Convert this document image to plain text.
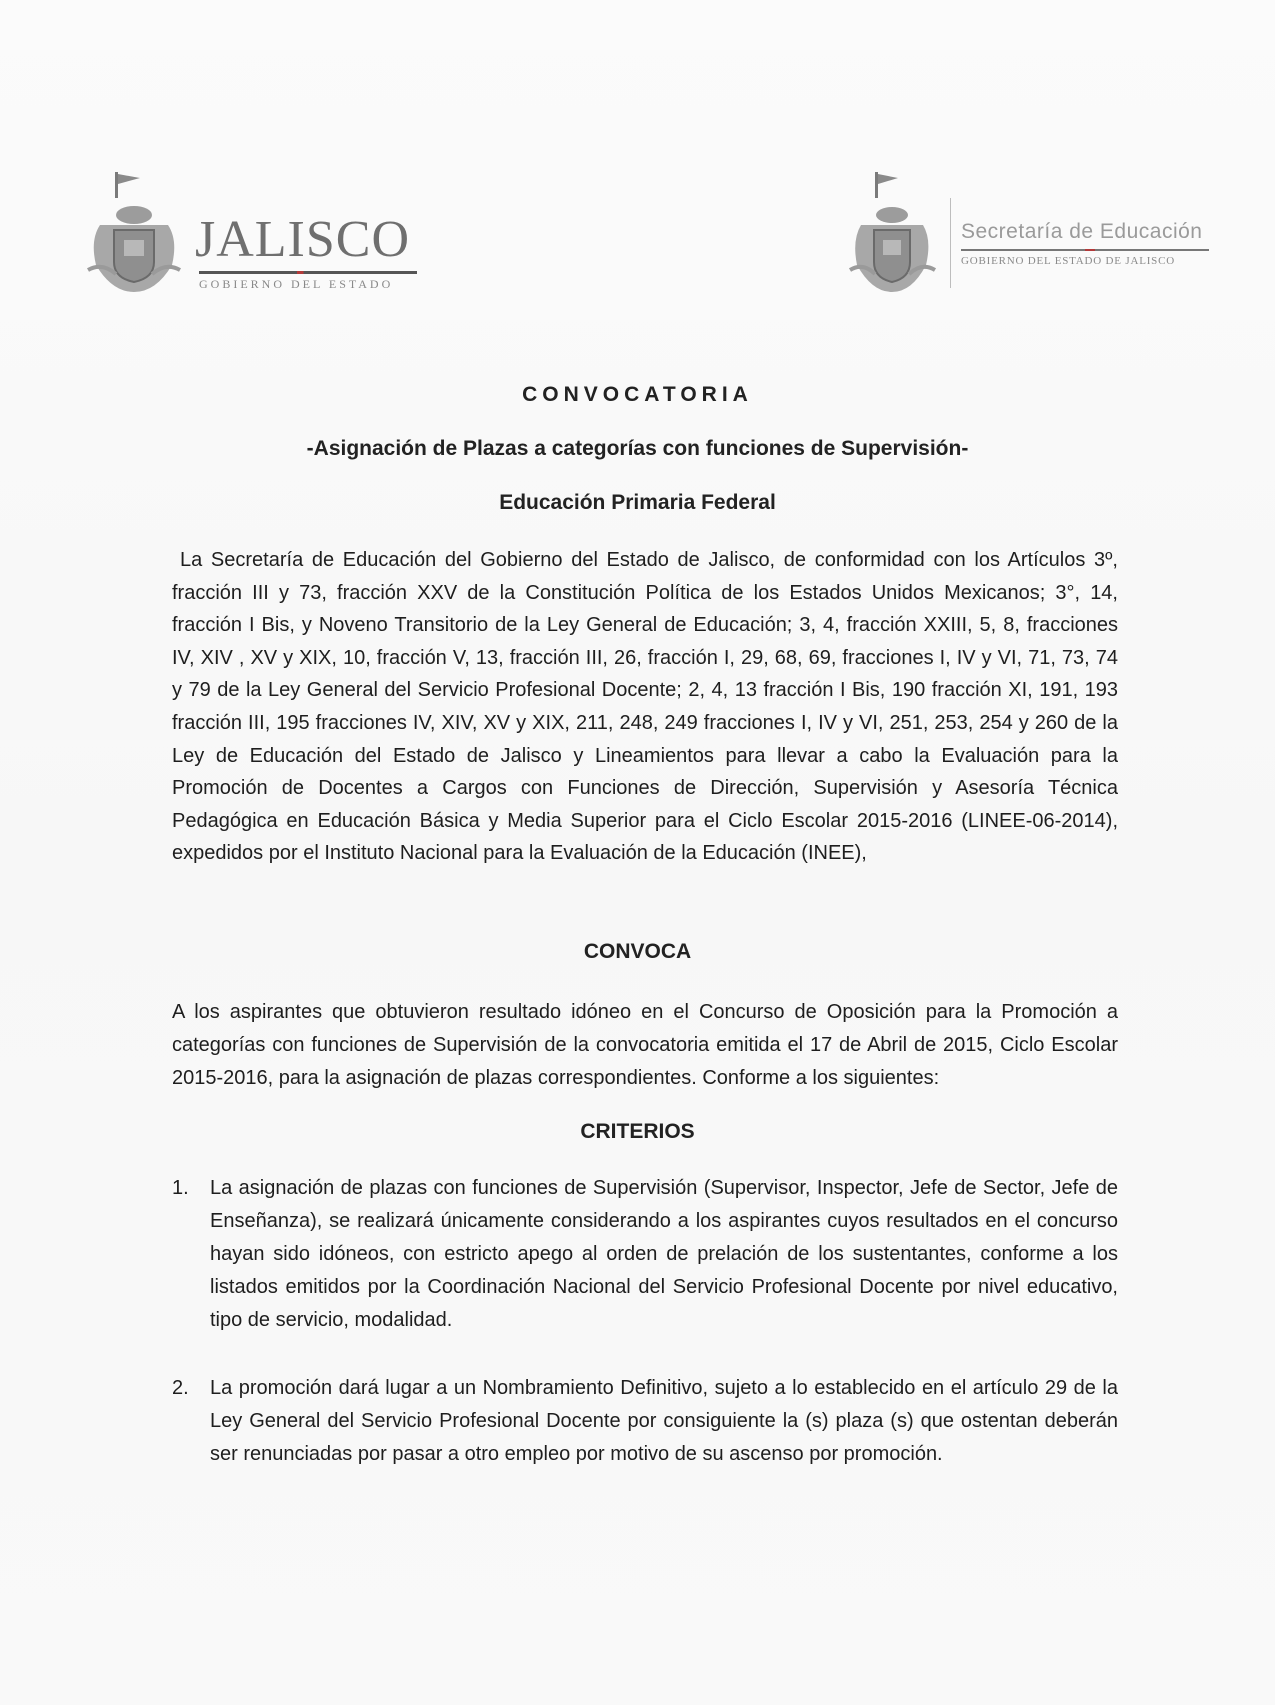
JALISCO
GOBIERNO DEL ESTADO
Secretaría de Educación
GOBIERNO DEL ESTADO DE JALISCO
CONVOCATORIA
-Asignación de Plazas a categorías con funciones de Supervisión-
Educación Primaria Federal

La Secretaría de Educación del Gobierno del Estado de Jalisco, de conformidad con los Artículos 3º, fracción III y 73, fracción XXV de la Constitución Política de los Estados Unidos Mexicanos; 3°, 14, fracción I Bis, y Noveno Transitorio de la Ley General de Educación; 3, 4, fracción XXIII, 5, 8, fracciones IV, XIV , XV y XIX, 10, fracción V, 13, fracción III, 26, fracción I, 29, 68, 69, fracciones I, IV y VI, 71, 73, 74 y 79 de la Ley General del Servicio Profesional Docente; 2, 4, 13 fracción I Bis, 190 fracción XI, 191, 193 fracción III, 195 fracciones IV, XIV, XV y XIX, 211, 248, 249 fracciones I, IV y VI, 251, 253, 254 y 260 de la Ley de Educación del Estado de Jalisco y Lineamientos para llevar a cabo la Evaluación para la Promoción de Docentes a Cargos con Funciones de Dirección, Supervisión y Asesoría Técnica Pedagógica en Educación Básica y Media Superior para el Ciclo Escolar 2015-2016 (LINEE-06-2014), expedidos por el Instituto Nacional para la Evaluación de la Educación (INEE),

CONVOCA

A los aspirantes que obtuvieron resultado idóneo en el Concurso de Oposición para la Promoción a categorías con funciones de Supervisión de la convocatoria emitida el 17 de Abril de 2015, Ciclo Escolar 2015-2016, para la asignación de plazas correspondientes. Conforme a los siguientes:

CRITERIOS
1.	La asignación de plazas con funciones de Supervisión (Supervisor, Inspector, Jefe de Sector, Jefe de Enseñanza), se realizará únicamente considerando a los aspirantes cuyos resultados en el concurso hayan sido idóneos, con estricto apego al orden de prelación de los sustentantes, conforme a los listados emitidos por la Coordinación Nacional del Servicio Profesional Docente por nivel educativo, tipo de servicio, modalidad.

2.	La promoción dará lugar a un Nombramiento Definitivo, sujeto a lo establecido en el artículo 29 de la Ley General del Servicio Profesional Docente por consiguiente la (s) plaza (s) que ostentan deberán ser renunciadas por pasar a otro empleo por motivo de su ascenso por promoción.
